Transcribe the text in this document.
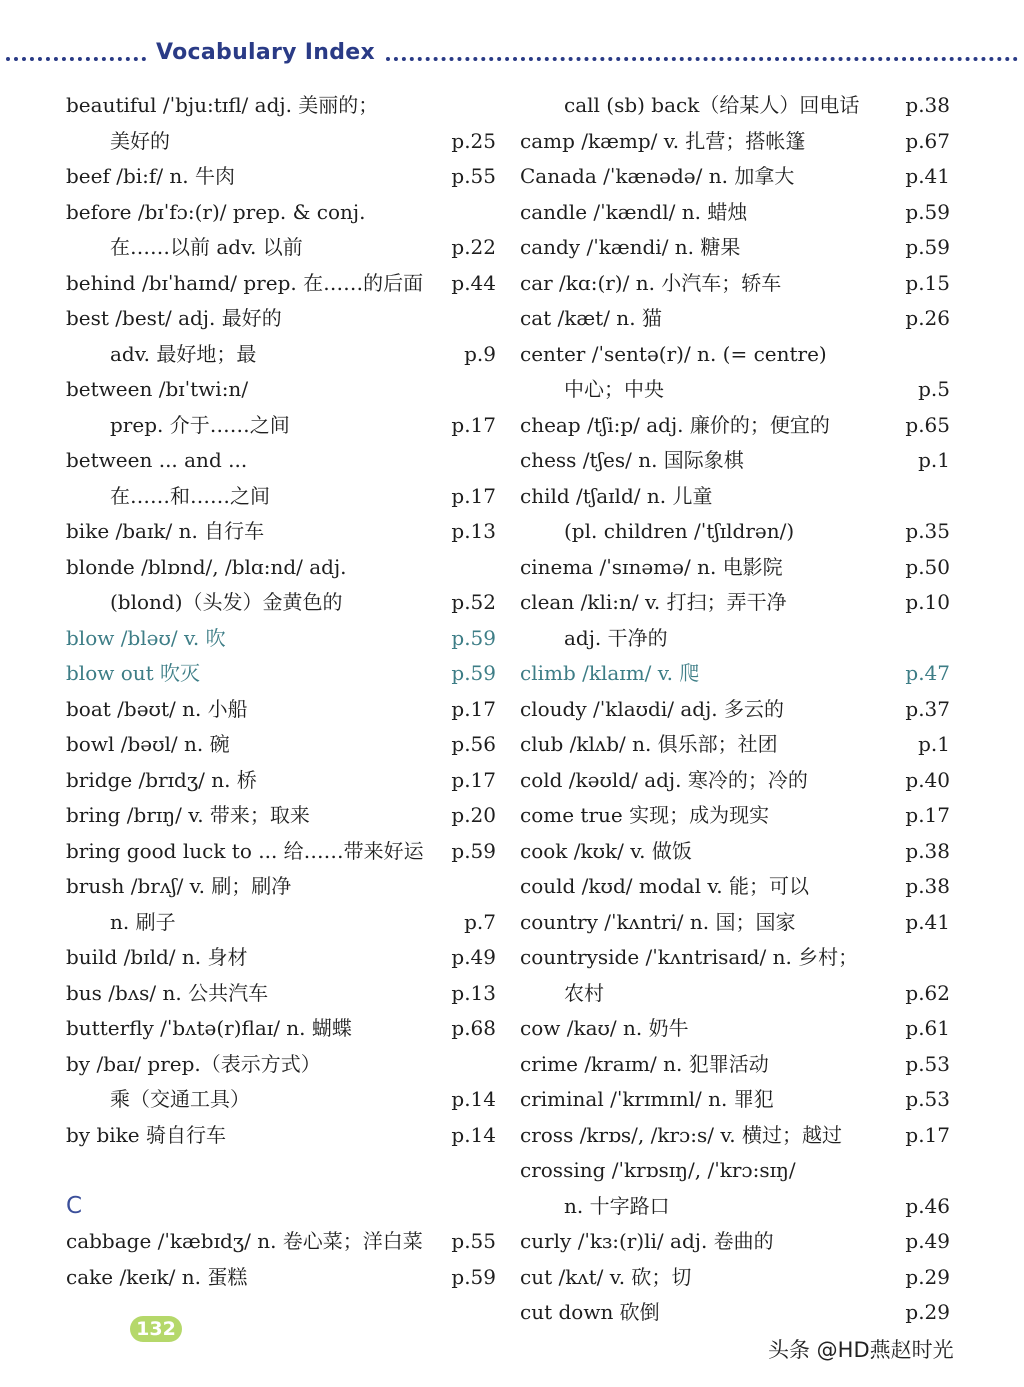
Vocabulary Index
beautiful /ˈbju:tɪfl/ adj. 美丽的；
美好的	p.25
beef /bi:f/ n. 牛肉	p.55
before /bɪˈfɔ:(r)/ prep. & conj.
在……以前 adv. 以前	p.22
behind /bɪˈhaɪnd/ prep. 在……的后面 p.44
best /best/ adj. 最好的
adv. 最好地；最	p.9
between /bɪˈtwi:n/
prep. 介于……之间	p.17
between ... and ...
在……和……之间	p.17
bike /baɪk/ n. 自行车	p.13
blonde /blɒnd/, /blɑ:nd/ adj.
(blond)（头发）金黄色的	p.52
blow /bləʊ/ v. 吹	p.59
blow out 吹灭	p.59
boat /bəʊt/ n. 小船	p.17
bowl /bəʊl/ n. 碗	p.56
bridge /brɪdʒ/ n. 桥	p.17
bring /brɪŋ/ v. 带来；取来	p.20
bring good luck to ... 给……带来好运 p.59
brush /brʌʃ/ v. 刷；刷净
n. 刷子	p.7
build /bɪld/ n. 身材	p.49
bus /bʌs/ n. 公共汽车	p.13
butterfly /ˈbʌtə(r)flaɪ/ n. 蝴蝶	p.68
by /baɪ/ prep.（表示方式）
乘（交通工具）	p.14
by bike 骑自行车	p.14
C
cabbage /ˈkæbɪdʒ/ n. 卷心菜；洋白菜 p.55
cake /keɪk/ n. 蛋糕	p.59
call (sb) back（给某人）回电话 p.38
camp /kæmp/ v. 扎营；搭帐篷	p.67
Canada /ˈkænədə/ n. 加拿大	p.41
candle /ˈkændl/ n. 蜡烛	p.59
candy /ˈkændi/ n. 糖果	p.59
car /kɑ:(r)/ n. 小汽车；轿车	p.15
cat /kæt/ n. 猫	p.26
center /ˈsentə(r)/ n. (= centre)
中心；中央	p.5
cheap /tʃi:p/ adj. 廉价的；便宜的	p.65
chess /tʃes/ n. 国际象棋	p.1
child /tʃaɪld/ n. 儿童
(pl. children /ˈtʃɪldrən/)	p.35
cinema /ˈsɪnəmə/ n. 电影院	p.50
clean /kli:n/ v. 打扫；弄干净	p.10
adj. 干净的
climb /klaɪm/ v. 爬	p.47
cloudy /ˈklaʊdi/ adj. 多云的	p.37
club /klʌb/ n. 俱乐部；社团	p.1
cold /kəʊld/ adj. 寒冷的；冷的	p.40
come true 实现；成为现实	p.17
cook /kʊk/ v. 做饭	p.38
could /kʊd/ modal v. 能；可以	p.38
country /ˈkʌntri/ n. 国；国家	p.41
countryside /ˈkʌntrisaɪd/ n. 乡村；
农村	p.62
cow /kaʊ/ n. 奶牛	p.61
crime /kraɪm/ n. 犯罪活动	p.53
criminal /ˈkrɪmɪnl/ n. 罪犯	p.53
cross /krɒs/, /krɔ:s/ v. 横过；越过	p.17
crossing /ˈkrɒsɪŋ/, /ˈkrɔ:sɪŋ/
n. 十字路口	p.46
curly /ˈkɜ:(r)li/ adj. 卷曲的	p.49
cut /kʌt/ v. 砍；切	p.29
cut down 砍倒	p.29
132
头条 @HD燕赵时光
